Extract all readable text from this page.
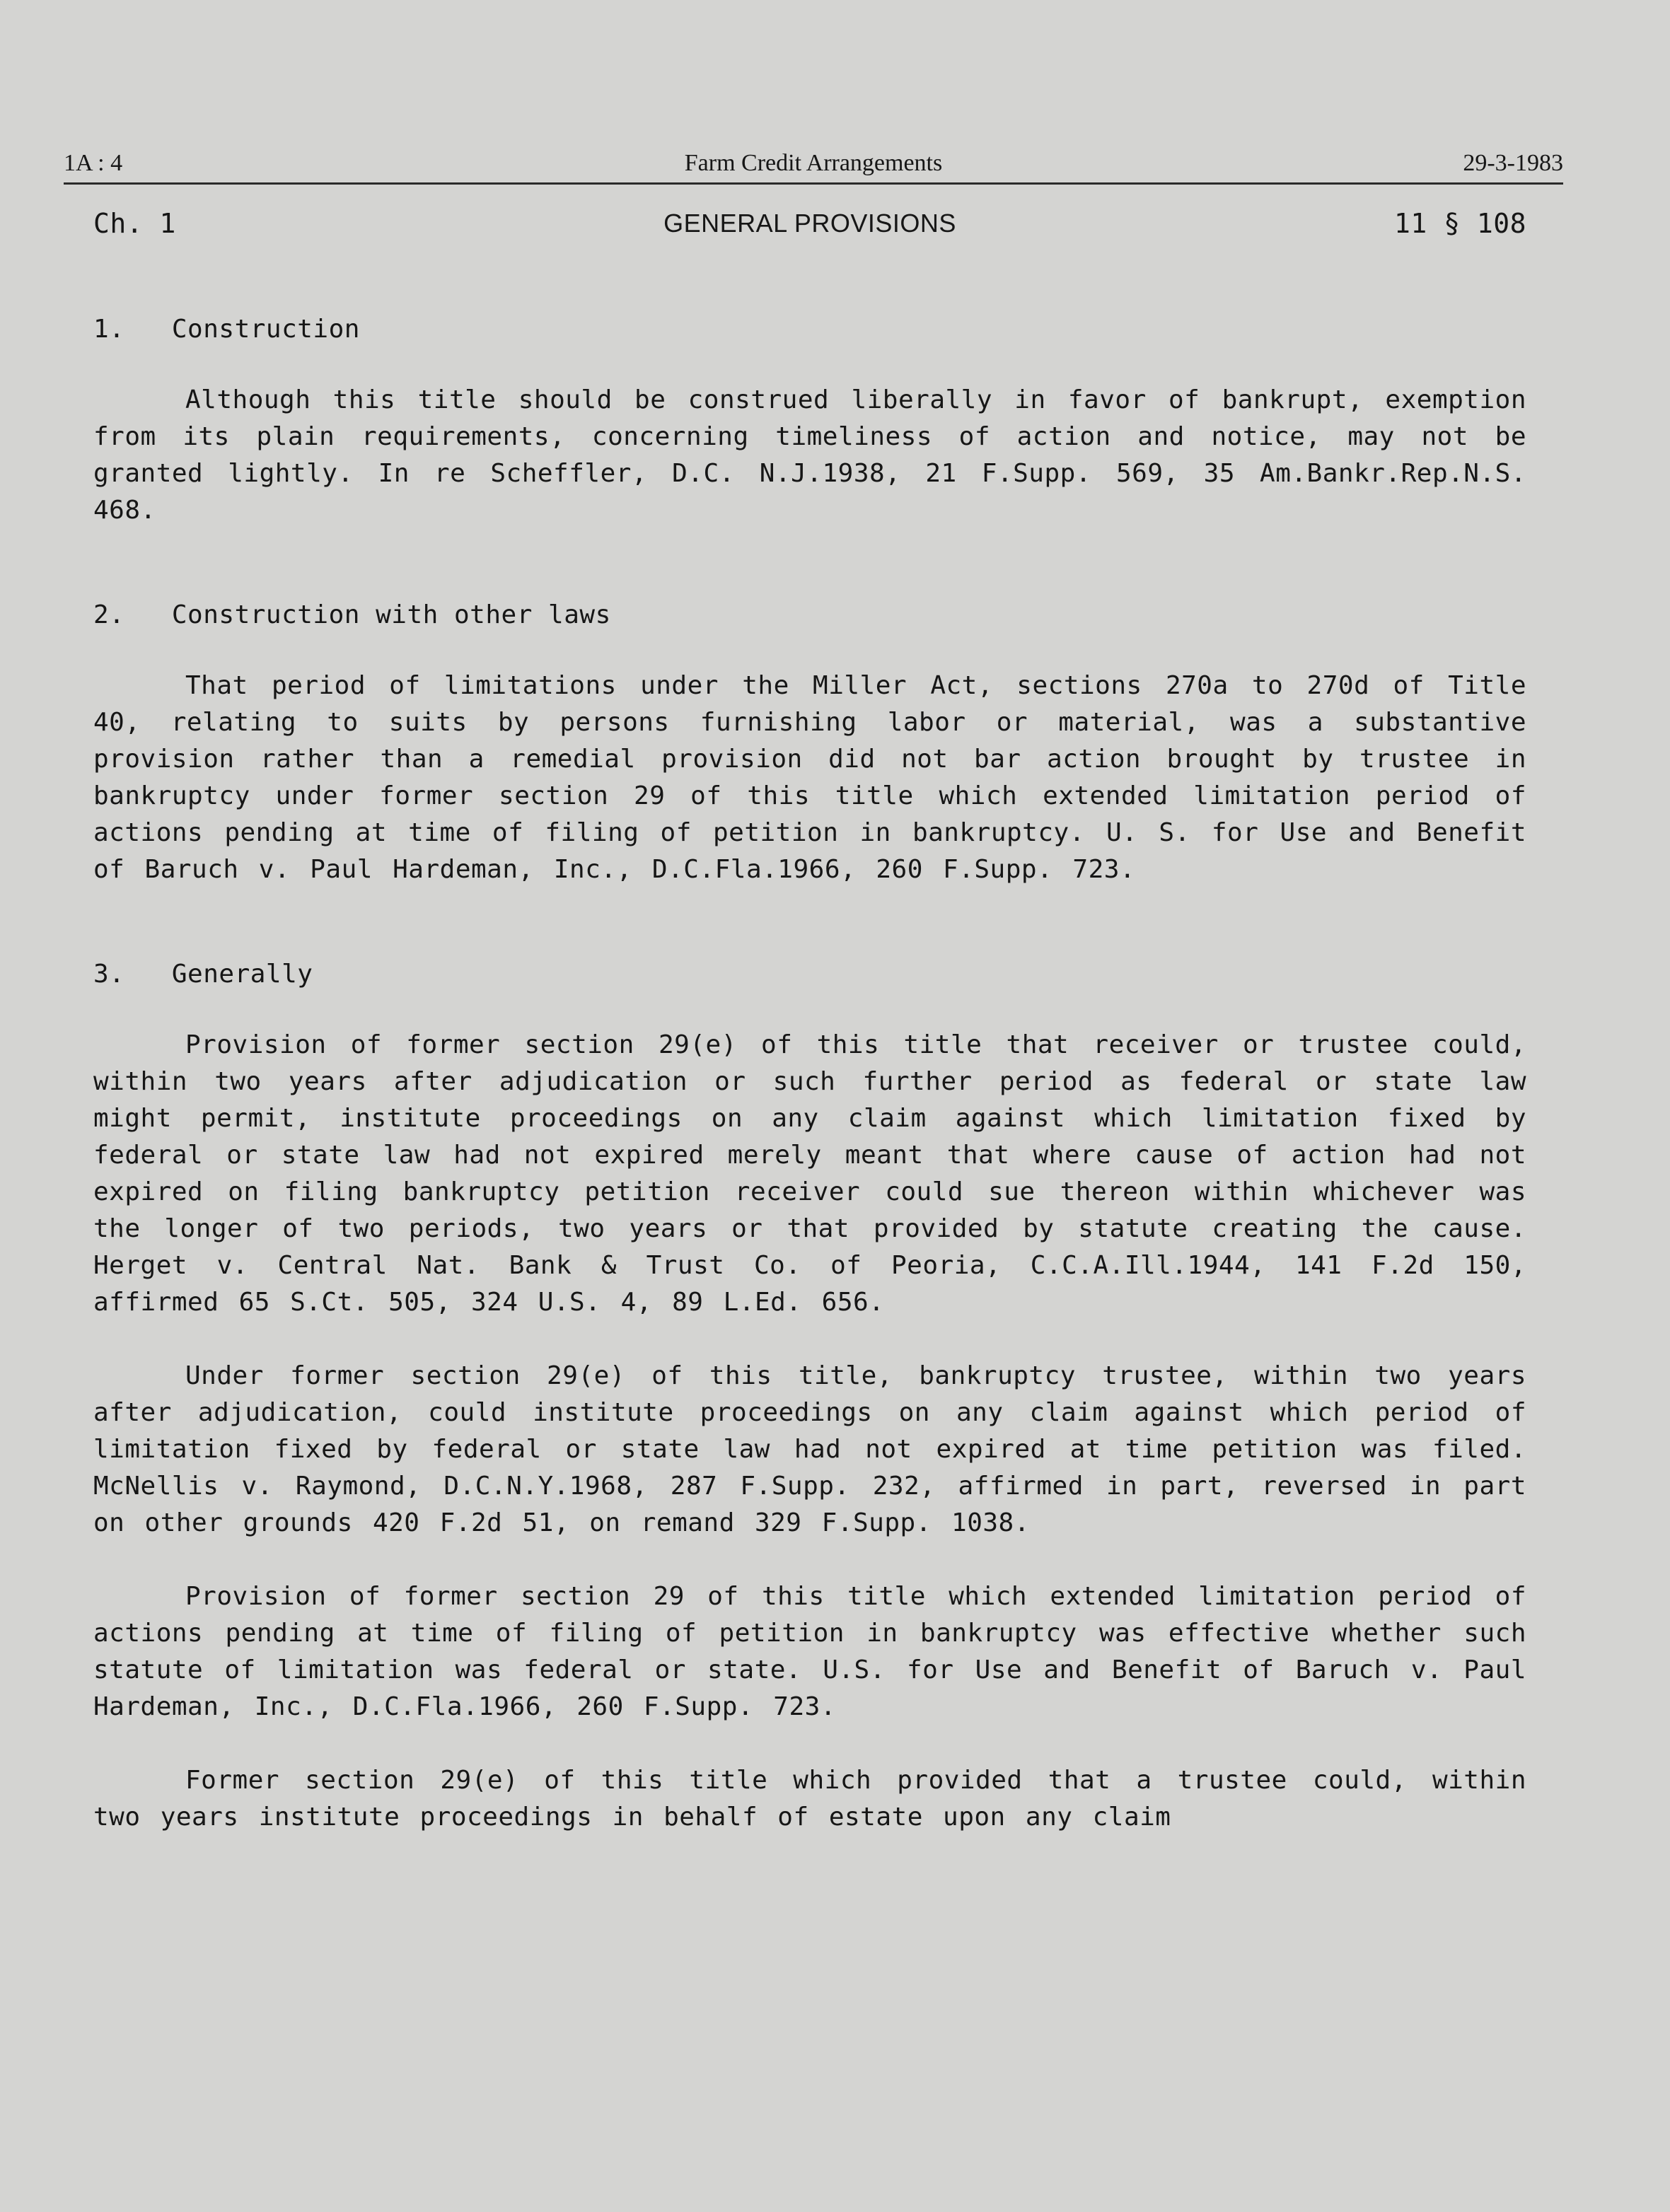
1A : 4	Farm Credit Arrangements	29-3-1983
Ch. 1	GENERAL PROVISIONS	11 § 108
1.   Construction

Although this title should be construed liberally in favor of bankrupt, exemption from its plain requirements, concerning timeliness of action and notice, may not be granted lightly. In re Scheffler, D.C. N.J.1938, 21 F.Supp. 569, 35 Am.Bankr.Rep.N.S. 468.

2.   Construction with other laws

That period of limitations under the Miller Act, sections 270a to 270d of Title 40, relating to suits by persons furnishing labor or material, was a substantive provision rather than a remedial provision did not bar action brought by trustee in bankruptcy under former section 29 of this title which extended limitation period of actions pending at time of filing of petition in bankruptcy. U. S. for Use and Benefit of Baruch v. Paul Hardeman, Inc., D.C.Fla.1966, 260 F.Supp. 723.

3.   Generally

Provision of former section 29(e) of this title that receiver or trustee could, within two years after adjudication or such further period as federal or state law might permit, institute proceedings on any claim against which limitation fixed by federal or state law had not expired merely meant that where cause of action had not expired on filing bankruptcy petition receiver could sue thereon within whichever was the longer of two periods, two years or that provided by statute creating the cause. Herget v. Central Nat. Bank & Trust Co. of Peoria, C.C.A.Ill.1944, 141 F.2d 150, affirmed 65 S.Ct. 505, 324 U.S. 4, 89 L.Ed. 656.

Under former section 29(e) of this title, bankruptcy trustee, within two years after adjudication, could institute proceedings on any claim against which period of limitation fixed by federal or state law had not expired at time petition was filed. McNellis v. Raymond, D.C.N.Y.1968, 287 F.Supp. 232, affirmed in part, reversed in part on other grounds 420 F.2d 51, on remand 329 F.Supp. 1038.

Provision of former section 29 of this title which extended limitation period of actions pending at time of filing of petition in bankruptcy was effective whether such statute of limitation was federal or state. U.S. for Use and Benefit of Baruch v. Paul Hardeman, Inc., D.C.Fla.1966, 260 F.Supp. 723.

Former section 29(e) of this title which provided that a trustee could, within two years institute proceedings in behalf of estate upon any claim
